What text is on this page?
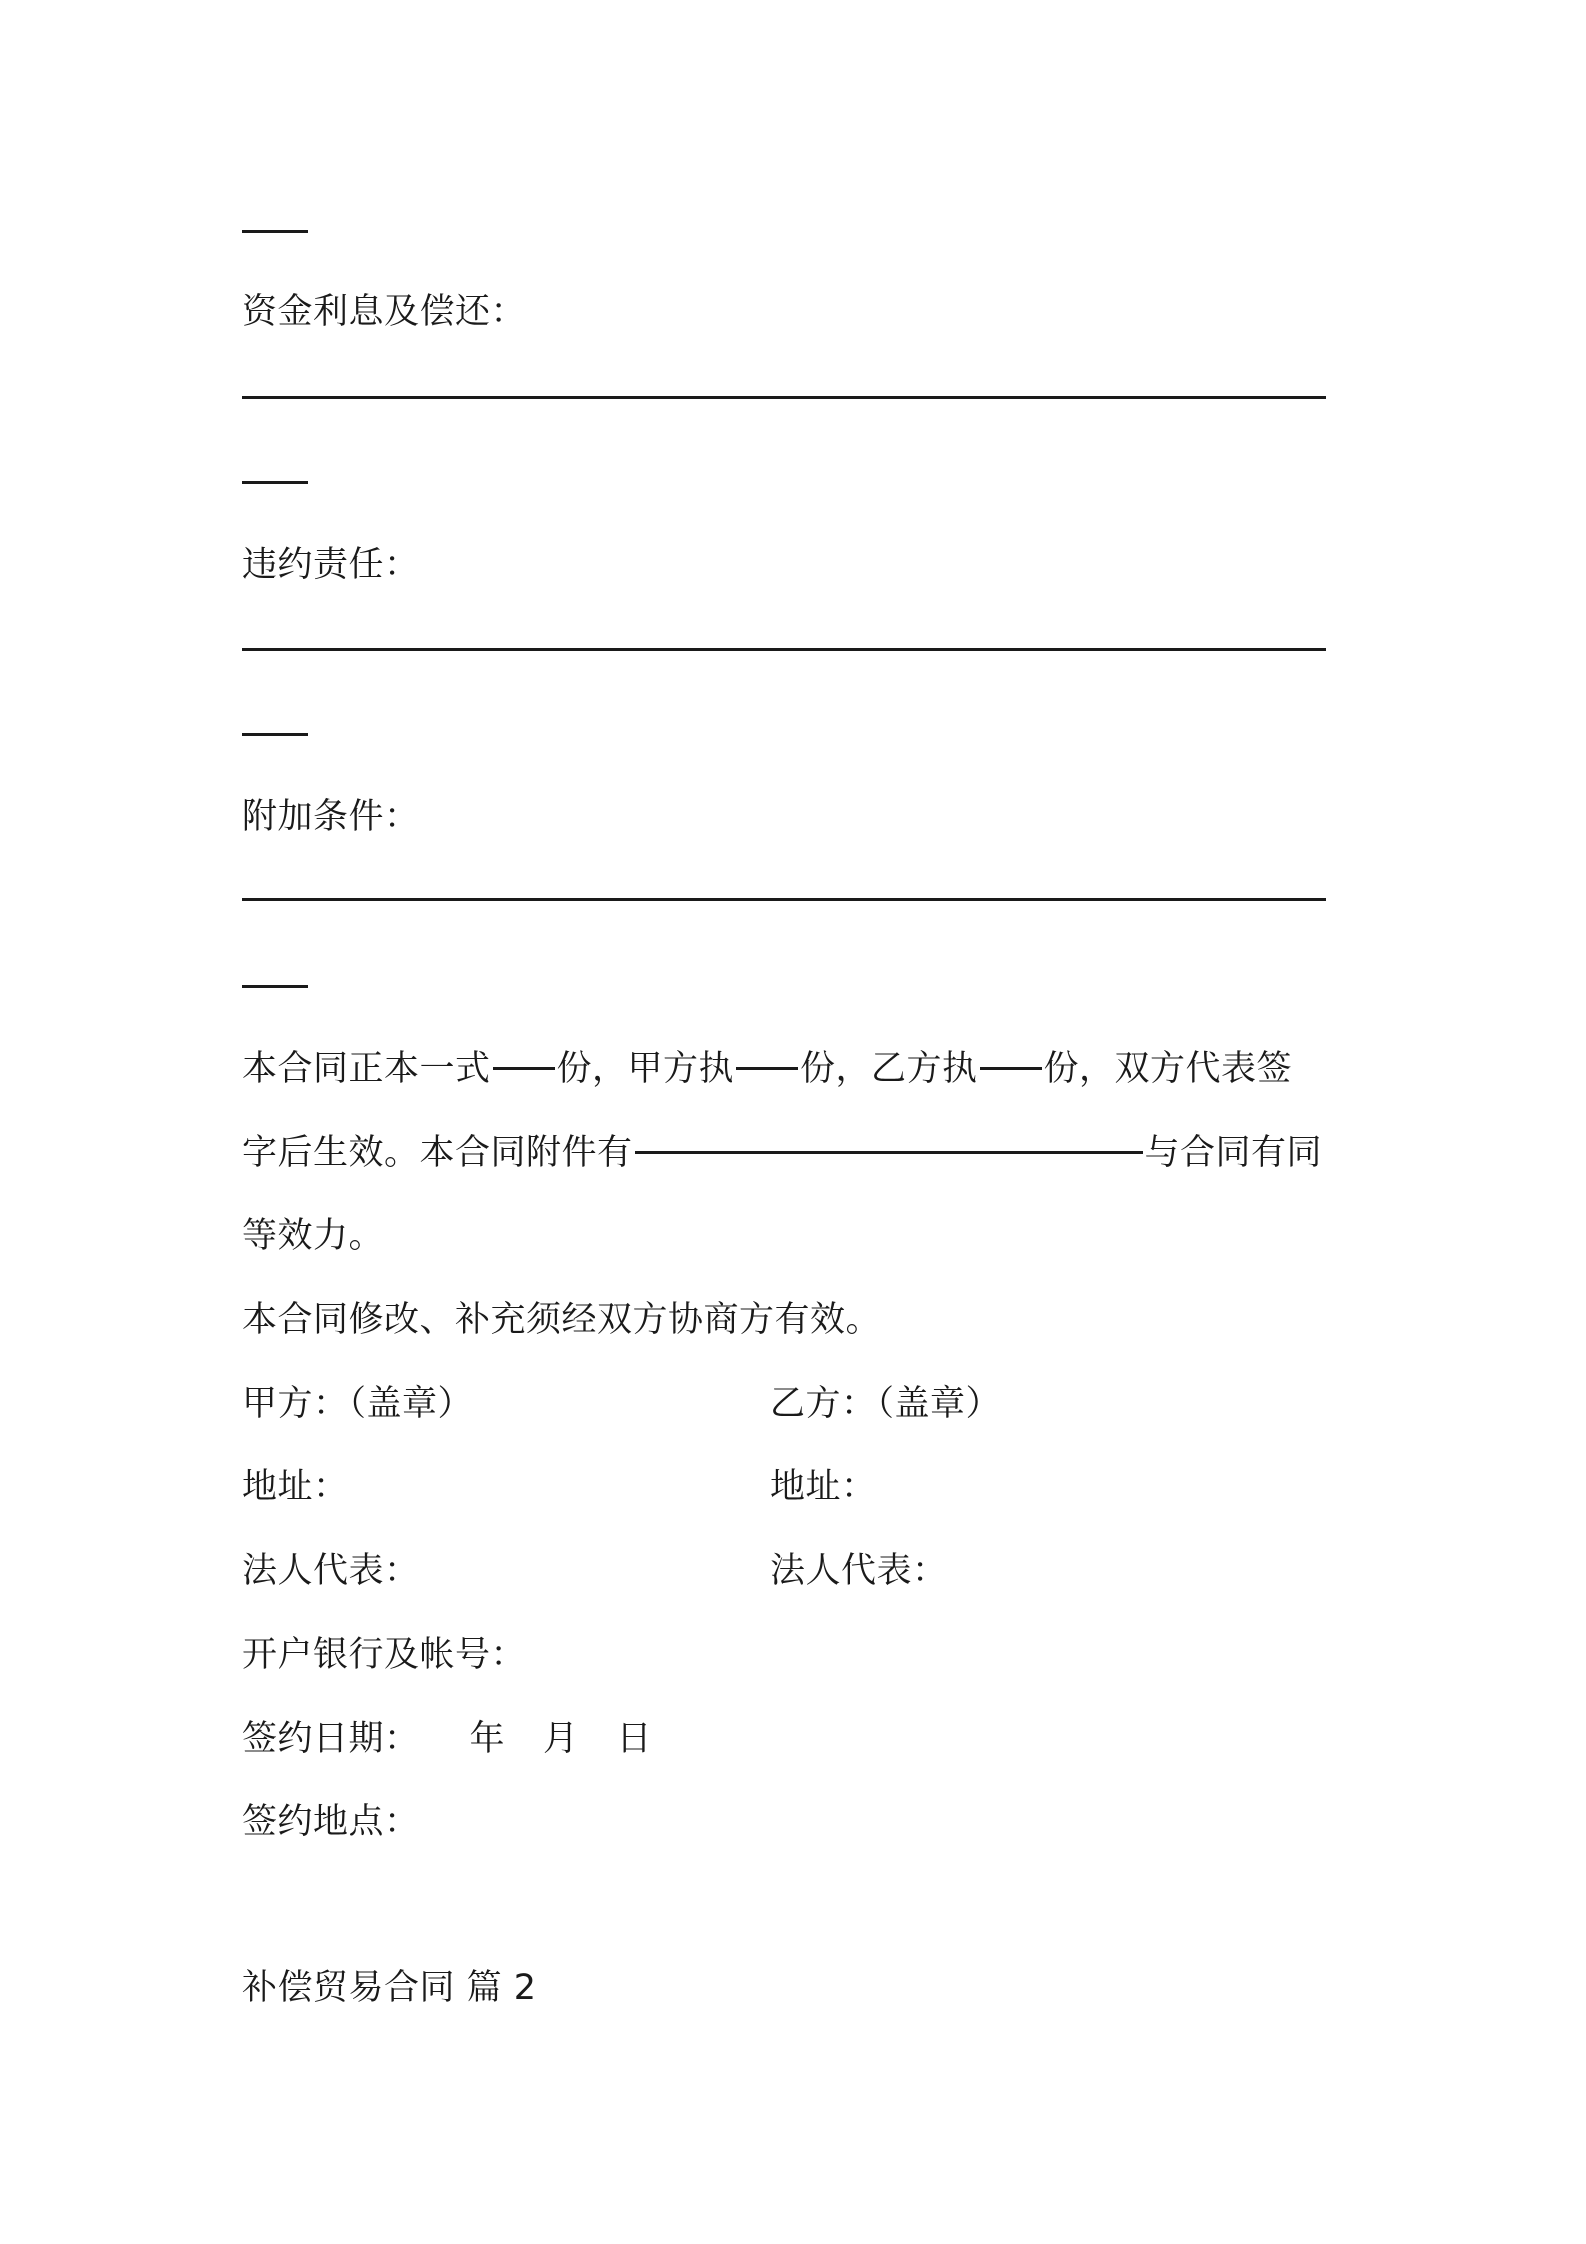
资金利息及偿还：
违约责任：
附加条件：
本合同正本一式 份，甲方执 份，乙方执 份，双方代表签
字后生效。本合同附件有	与合同有同
等效力。
本合同修改、补充须经双方协商方有效。
甲方：（盖章）	乙方：（盖章）
地址：	地址：
法人代表：	法人代表：
开户银行及帐号：
签约日期： 年 月 日
签约地点：
补偿贸易合同 篇 2
